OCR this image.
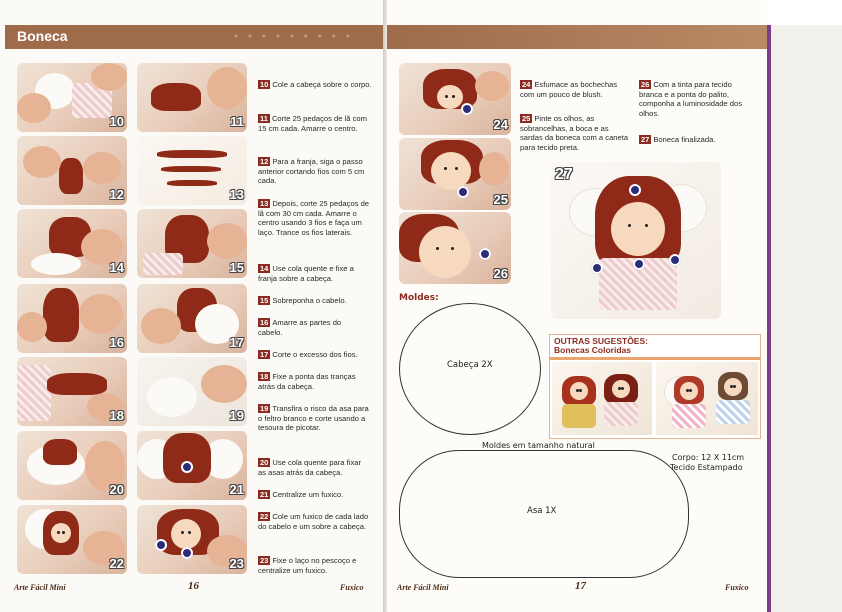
Boneca	• • • • • • • • •
10
12
14
16
18
20
22
11
13
15
17
19
21
23
10 Cole a cabeça sobre o corpo.
11 Corte 25 pedaços de lã com 15 cm cada. Amarre o centro.
12 Para a franja, siga o passo anterior cortando fios com 5 cm cada.
13 Depois, corte 25 pedaços de lã com 30 cm cada. Amarre o centro usando 3 fios e faça um laço. Trance os fios laterais.
14 Use cola quente e fixe a franja sobre a cabeça.
15 Sobreponha o cabelo.
16 Amarre as partes do cabelo.
17 Corte o excesso dos fios.
18 Fixe a ponta das tranças atrás da cabeça.
19 Transfira o risco da asa para o feltro branco e corte usando a tesoura de picotar.
20 Use cola quente para fixar as asas atrás da cabeça.
21 Centralize um fuxico.
22 Cole um fuxico de cada lado do cabelo e um sobre a cabeça.
23 Fixe o laço no pescoço e centralize um fuxico.
Arte Fácil Mini	16	Fuxico
24
25
26
24 Esfumace as bochechas com um pouco de blush.
25 Pinte os olhos, as sobrancelhas, a boca e as sardas da boneca com a caneta para tecido preta.
26 Com a tinta para tecido branca e a ponta do palito, componha a luminosidade dos olhos.
27 Boneca finalizada.
27
Moldes:
Cabeça 2X
OUTRAS SUGESTÕES:
Bonecas Coloridas
Moldes em tamanho natural
Corpo: 12 X 11cm
Tecido Estampado
Asa 1X
Arte Fácil Mini	17	Fuxico
